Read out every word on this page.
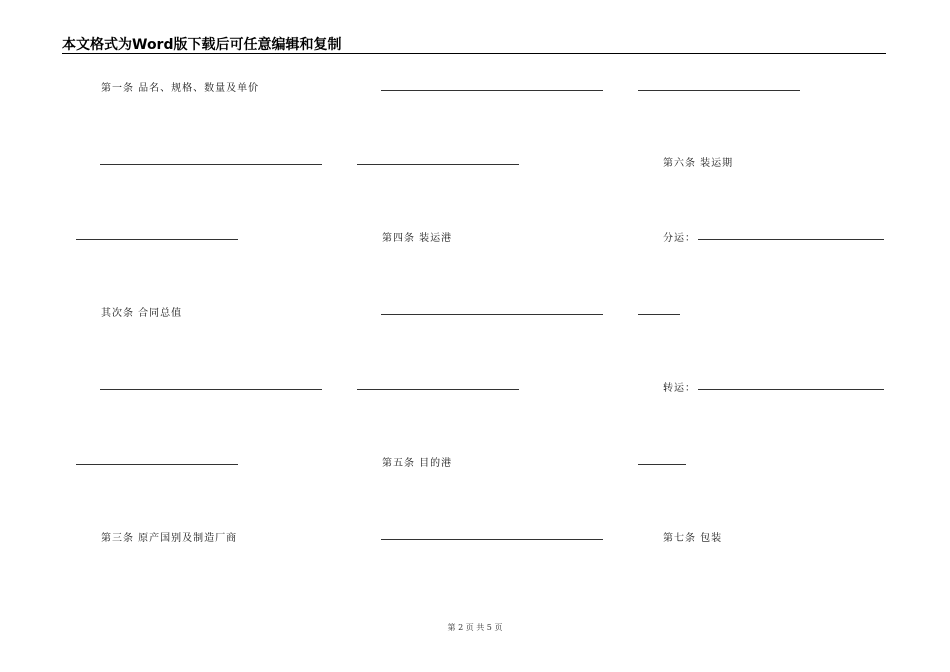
本文格式为Word版下载后可任意编辑和复制
第一条 品名、规格、数量及单价
其次条 合同总值
第三条 原产国别及制造厂商
第四条 装运港
第五条 目的港
第六条 装运期
分运：
转运：
第七条 包装
第 2 页 共 5 页
